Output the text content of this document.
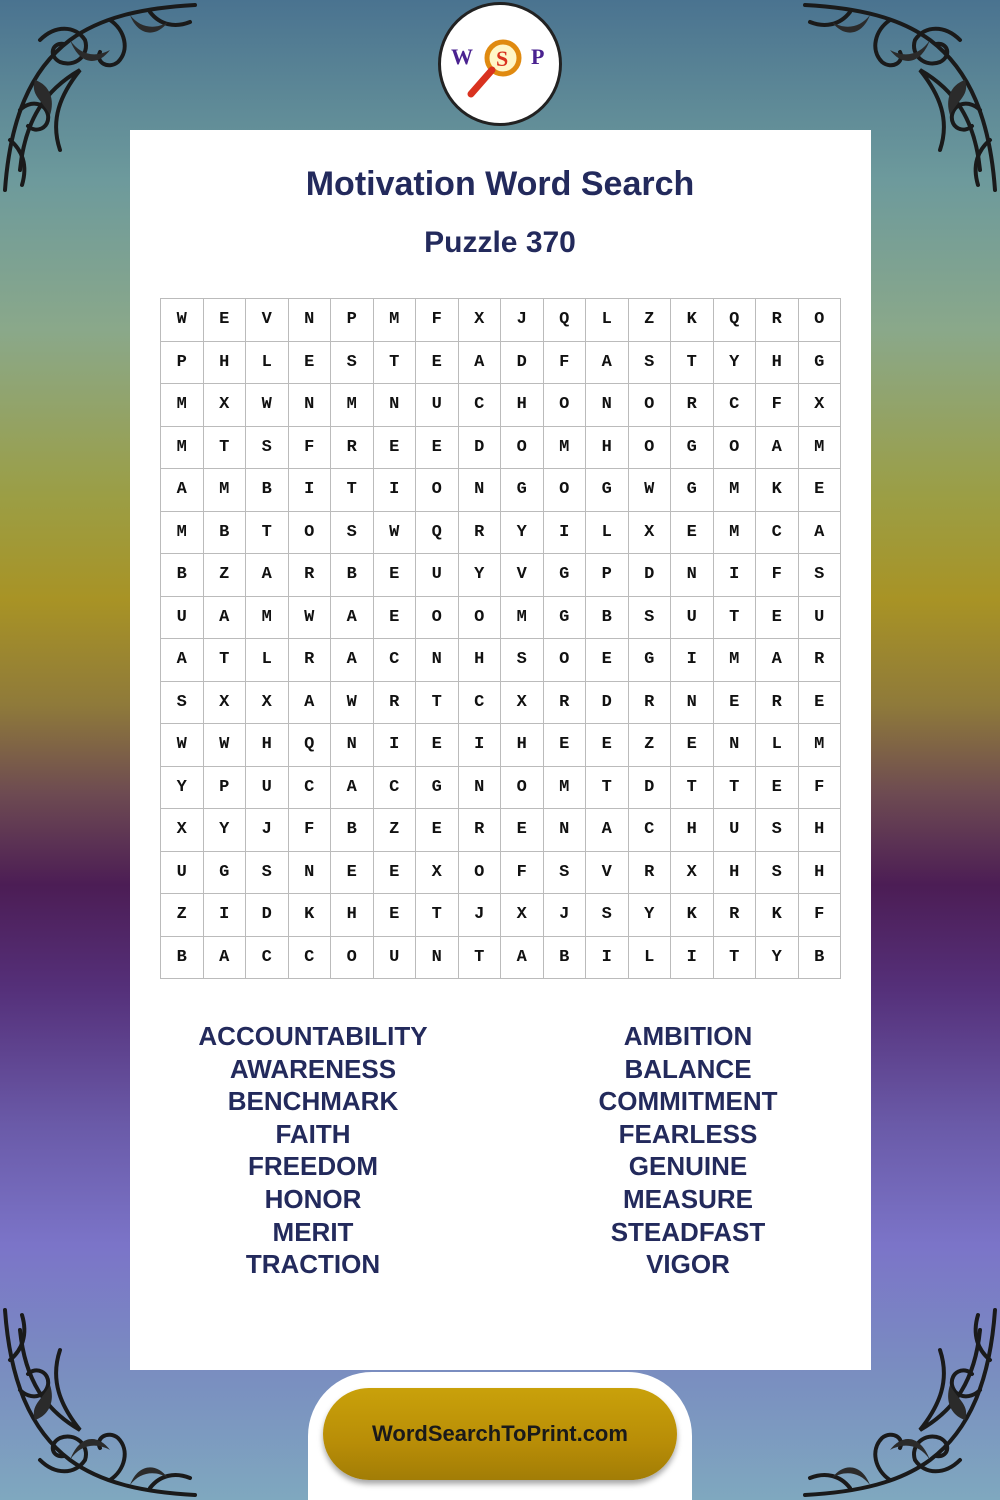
W S P
Motivation Word Search
Puzzle 370
W	E	V	N	P	M	F	X	J	Q	L	Z	K	Q	R	O
P	H	L	E	S	T	E	A	D	F	A	S	T	Y	H	G
M	X	W	N	M	N	U	C	H	O	N	O	R	C	F	X
M	T	S	F	R	E	E	D	O	M	H	O	G	O	A	M
A	M	B	I	T	I	O	N	G	O	G	W	G	M	K	E
M	B	T	O	S	W	Q	R	Y	I	L	X	E	M	C	A
B	Z	A	R	B	E	U	Y	V	G	P	D	N	I	F	S
U	A	M	W	A	E	O	O	M	G	B	S	U	T	E	U
A	T	L	R	A	C	N	H	S	O	E	G	I	M	A	R
S	X	X	A	W	R	T	C	X	R	D	R	N	E	R	E
W	W	H	Q	N	I	E	I	H	E	E	Z	E	N	L	M
Y	P	U	C	A	C	G	N	O	M	T	D	T	T	E	F
X	Y	J	F	B	Z	E	R	E	N	A	C	H	U	S	H
U	G	S	N	E	E	X	O	F	S	V	R	X	H	S	H
Z	I	D	K	H	E	T	J	X	J	S	Y	K	R	K	F
B	A	C	C	O	U	N	T	A	B	I	L	I	T	Y	B
ACCOUNTABILITY
AWARENESS
BENCHMARK
FAITH
FREEDOM
HONOR
MERIT
TRACTION
AMBITION
BALANCE
COMMITMENT
FEARLESS
GENUINE
MEASURE
STEADFAST
VIGOR
WordSearchToPrint.com
